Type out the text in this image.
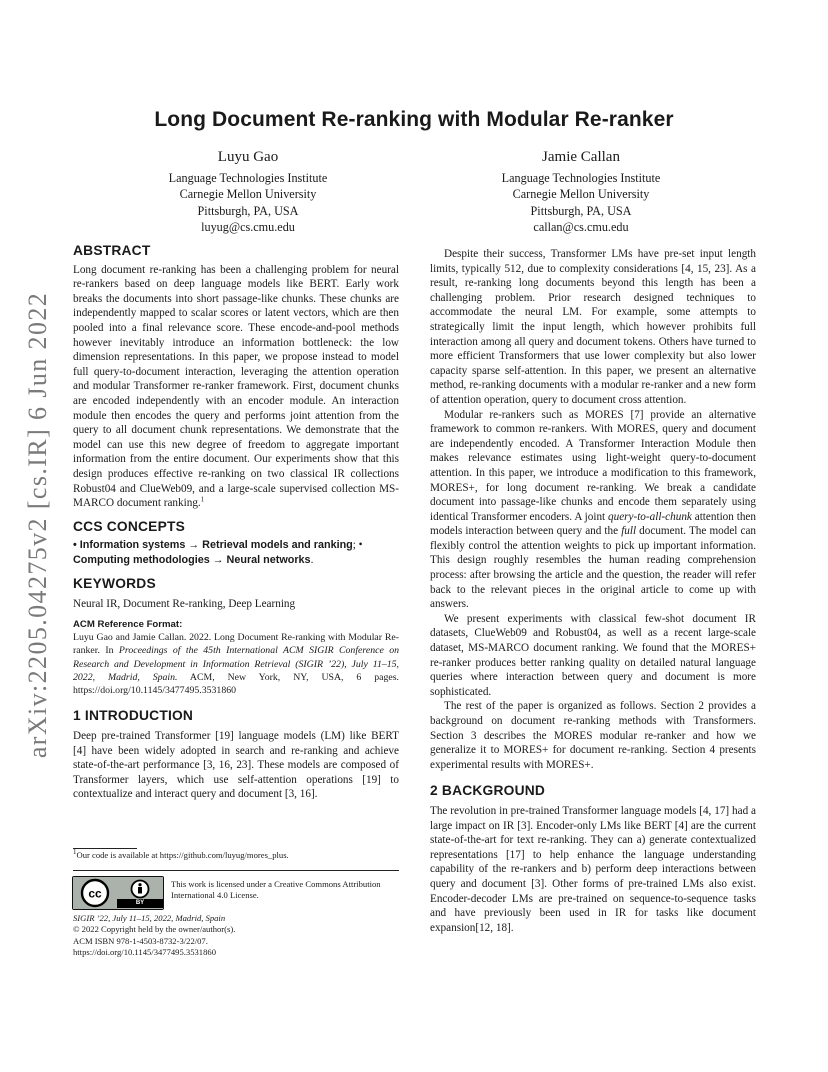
arXiv:2205.04275v2 [cs.IR] 6 Jun 2022
Long Document Re-ranking with Modular Re-ranker
Luyu Gao
Language Technologies Institute
Carnegie Mellon University
Pittsburgh, PA, USA
luyug@cs.cmu.edu
Jamie Callan
Language Technologies Institute
Carnegie Mellon University
Pittsburgh, PA, USA
callan@cs.cmu.edu
ABSTRACT

Long document re-ranking has been a challenging problem for neural re-rankers based on deep language models like BERT. Early work breaks the documents into short passage-like chunks. These chunks are independently mapped to scalar scores or latent vectors, which are then pooled into a final relevance score. These encode-and-pool methods however inevitably introduce an information bottleneck: the low dimension representations. In this paper, we propose instead to model full query-to-document interaction, leveraging the attention operation and modular Transformer re-ranker framework. First, document chunks are encoded independently with an encoder module. An interaction module then encodes the query and performs joint attention from the query to all document chunk representations. We demonstrate that the model can use this new degree of freedom to aggregate important information from the entire document. Our experiments show that this design produces effective re-ranking on two classical IR collections Robust04 and ClueWeb09, and a large-scale supervised collection MS-MARCO document ranking.$^1$

CCS CONCEPTS

• Information systems → Retrieval models and ranking; •
Computing methodologies → Neural networks.

KEYWORDS

Neural IR, Document Re-ranking, Deep Learning

ACM Reference Format:
Luyu Gao and Jamie Callan. 2022. Long Document Re-ranking with Modular Re-ranker. In Proceedings of the 45th International ACM SIGIR Conference on Research and Development in Information Retrieval (SIGIR ’22), July 11–15, 2022, Madrid, Spain. ACM, New York, NY, USA, 6 pages. https://doi.org/10.1145/3477495.3531860
1 INTRODUCTION

Deep pre-trained Transformer [19] language models (LM) like BERT [4] have been widely adopted in search and re-ranking and achieve state-of-the-art performance [3, 16, 23]. These models are composed of Transformer layers, which use self-attention operations [19] to contextualize and interact query and document [3, 16].

$^1$Our code is available at https://github.com/luyug/mores_plus.
cc
BY
This work is licensed under a Creative Commons Attribution International 4.0 License.
SIGIR ’22, July 11–15, 2022, Madrid, Spain
© 2022 Copyright held by the owner/author(s).
ACM ISBN 978-1-4503-8732-3/22/07.
https://doi.org/10.1145/3477495.3531860

Despite their success, Transformer LMs have pre-set input length limits, typically 512, due to complexity considerations [4, 15, 23]. As a result, re-ranking long documents beyond this length has been a challenging problem. Prior research designed techniques to accommodate the neural LM. For example, some attempts to strategically limit the input length, which however prohibits full interaction among all query and document tokens. Others have turned to more efficient Transformers that use lower complexity but also lower capacity sparse self-attention. In this paper, we present an alternative method, re-ranking documents with a modular re-ranker and a new form of attention operation, query to document cross attention.

Modular re-rankers such as MORES [7] provide an alternative framework to common re-rankers. With MORES, query and document are independently encoded. A Transformer Interaction Module then makes relevance estimates using light-weight query-to-document attention. In this paper, we introduce a modification to this framework, MORES+, for long document re-ranking. We break a candidate document into passage-like chunks and encode them separately using identical Transformer encoders. A joint query-to-all-chunk attention then models interaction between query and the full document. The model can flexibly control the attention weights to pick up important information. This design roughly resembles the human reading comprehension process: after browsing the article and the question, the reader will refer back to the relevant pieces in the original article to come up with answers.

We present experiments with classical few-shot document IR datasets, ClueWeb09 and Robust04, as well as a recent large-scale dataset, MS-MARCO document ranking. We found that the MORES+ re-ranker produces better ranking quality on detailed natural language queries where interaction between query and document is more sophisticated.

The rest of the paper is organized as follows. Section 2 provides a background on document re-ranking methods with Transformers. Section 3 describes the MORES modular re-ranker and how we generalize it to MORES+ for document re-ranking. Section 4 presents experimental results with MORES+.

2 BACKGROUND

The revolution in pre-trained Transformer language models [4, 17] had a large impact on IR [3]. Encoder-only LMs like BERT [4] are the current state-of-the-art for text re-ranking. They can a) generate contextualized representations [17] to help enhance the language understanding capability of the re-rankers and b) perform deep interactions between query and document [3]. Other forms of pre-trained LMs also exist. Encoder-decoder LMs are pre-trained on sequence-to-sequence tasks and have previously been used in IR for tasks like document expansion[12, 18].
